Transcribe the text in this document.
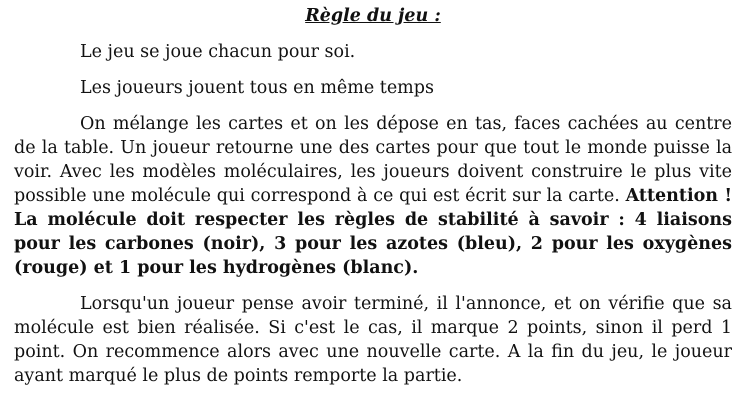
Règle du jeu :

Le jeu se joue chacun pour soi.

Les joueurs jouent tous en même temps

On mélange les cartes et on les dépose en tas, faces cachées au centre de la table. Un joueur retourne une des cartes pour que tout le monde puisse la voir. Avec les modèles moléculaires, les joueurs doivent construire le plus vite possible une molécule qui correspond à ce qui est écrit sur la carte. Attention ! La molécule doit respecter les règles de stabilité à savoir : 4 liaisons pour les carbones (noir), 3 pour les azotes (bleu), 2 pour les oxygènes (rouge) et 1 pour les hydrogènes (blanc).

Lorsqu'un joueur pense avoir terminé, il l'annonce, et on vérifie que sa molécule est bien réalisée. Si c'est le cas, il marque 2 points, sinon il perd 1 point. On recommence alors avec une nouvelle carte. A la fin du jeu, le joueur ayant marqué le plus de points remporte la partie.
